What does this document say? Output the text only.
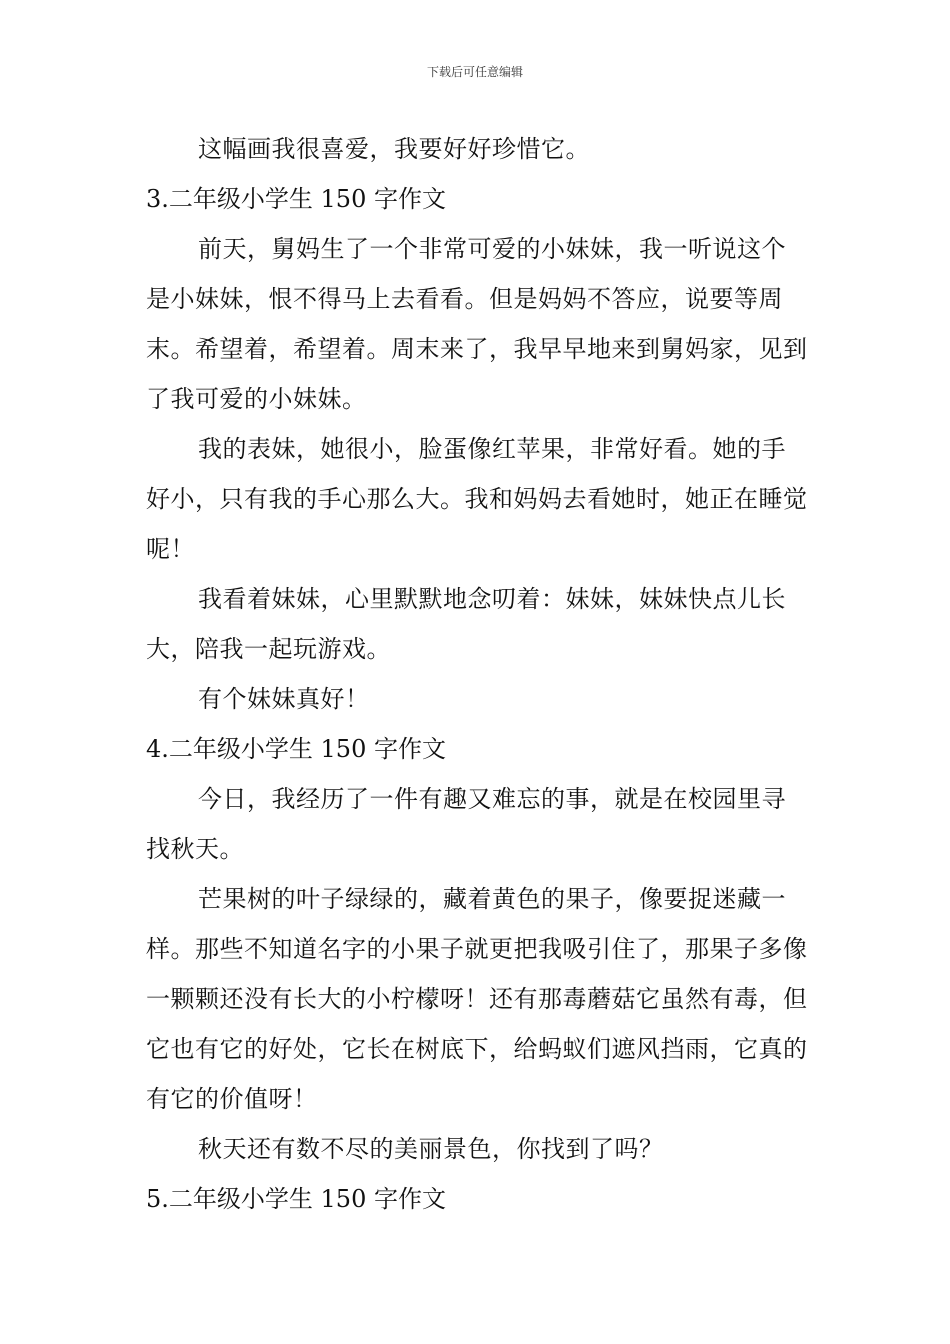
下载后可任意编辑

这幅画我很喜爱，我要好好珍惜它。

3.二年级小学生 150 字作文

前天，舅妈生了一个非常可爱的小妹妹，我一听说这个是小妹妹，恨不得马上去看看。但是妈妈不答应，说要等周末。希望着，希望着。周末来了，我早早地来到舅妈家，见到了我可爱的小妹妹。

我的表妹，她很小，脸蛋像红苹果，非常好看。她的手好小，只有我的手心那么大。我和妈妈去看她时，她正在睡觉呢！

我看着妹妹，心里默默地念叨着：妹妹，妹妹快点儿长大，陪我一起玩游戏。

有个妹妹真好！

4.二年级小学生 150 字作文

今日，我经历了一件有趣又难忘的事，就是在校园里寻找秋天。

芒果树的叶子绿绿的，藏着黄色的果子，像要捉迷藏一样。那些不知道名字的小果子就更把我吸引住了，那果子多像一颗颗还没有长大的小柠檬呀！还有那毒蘑菇它虽然有毒，但它也有它的好处，它长在树底下，给蚂蚁们遮风挡雨，它真的有它的价值呀！

秋天还有数不尽的美丽景色，你找到了吗？

5.二年级小学生 150 字作文
